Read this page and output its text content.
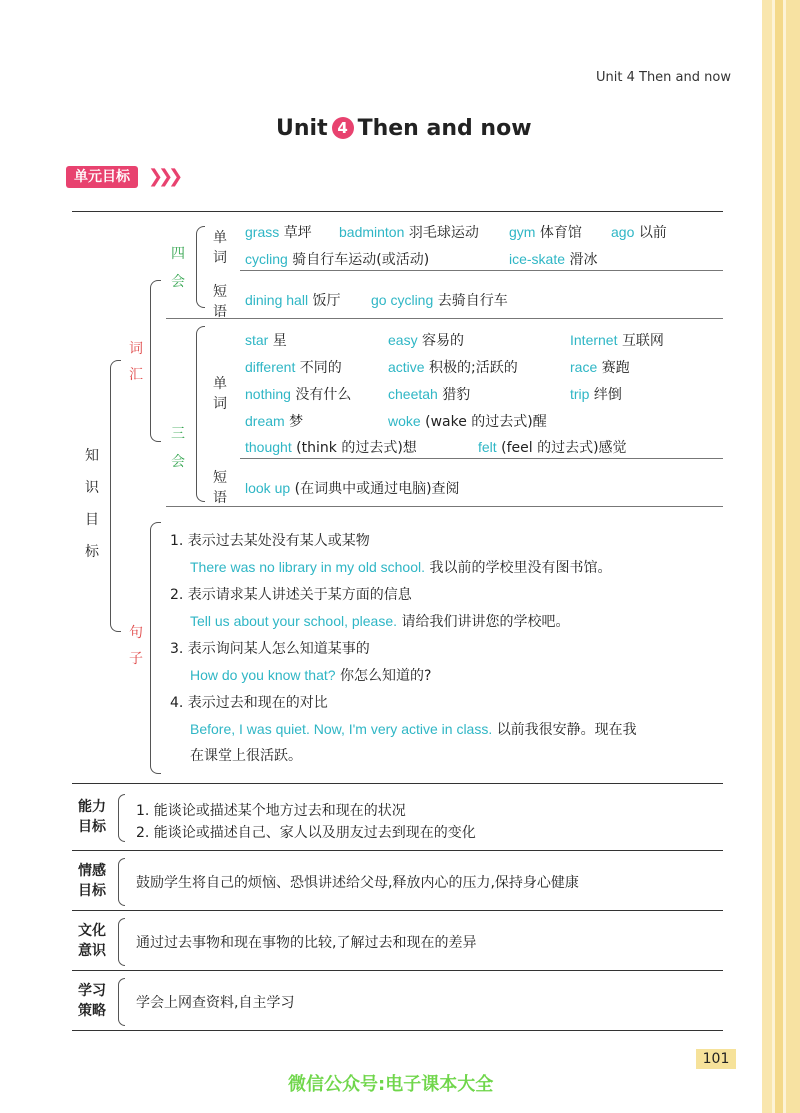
Unit 4 Then and now
Unit 4 Then and now
单元目标	❯❯❯
知识目标
词汇
句子
四会
三会
单词
短语
单词
短语
grass 草坪 badminton 羽毛球运动 gym 体育馆 ago 以前
cycling 骑自行车运动(或活动)	ice-skate 滑冰
dining hall 饭厅 go cycling 去骑自行车
star 星	easy 容易的	Internet 互联网
different 不同的	active 积极的;活跃的	race 赛跑
nothing 没有什么	cheetah 猎豹	trip 绊倒
dream 梦	woke (wake 的过去式)醒
thought (think 的过去式)想	felt (feel 的过去式)感觉
look up (在词典中或通过电脑)查阅
1. 表示过去某处没有某人或某物
There was no library in my old school. 我以前的学校里没有图书馆。
2. 表示请求某人讲述关于某方面的信息
Tell us about your school, please. 请给我们讲讲您的学校吧。
3. 表示询问某人怎么知道某事的
How do you know that? 你怎么知道的?
4. 表示过去和现在的对比
Before, I was quiet. Now, I'm very active in class. 以前我很安静。现在我
在课堂上很活跃。
能力目标
1. 能谈论或描述某个地方过去和现在的状况
2. 能谈论或描述自己、家人以及朋友过去到现在的变化
情感目标	鼓励学生将自己的烦恼、恐惧讲述给父母,释放内心的压力,保持身心健康
文化意识	通过过去事物和现在事物的比较,了解过去和现在的差异
学习策略	学会上网查资料,自主学习
101
微信公众号:电子课本大全
